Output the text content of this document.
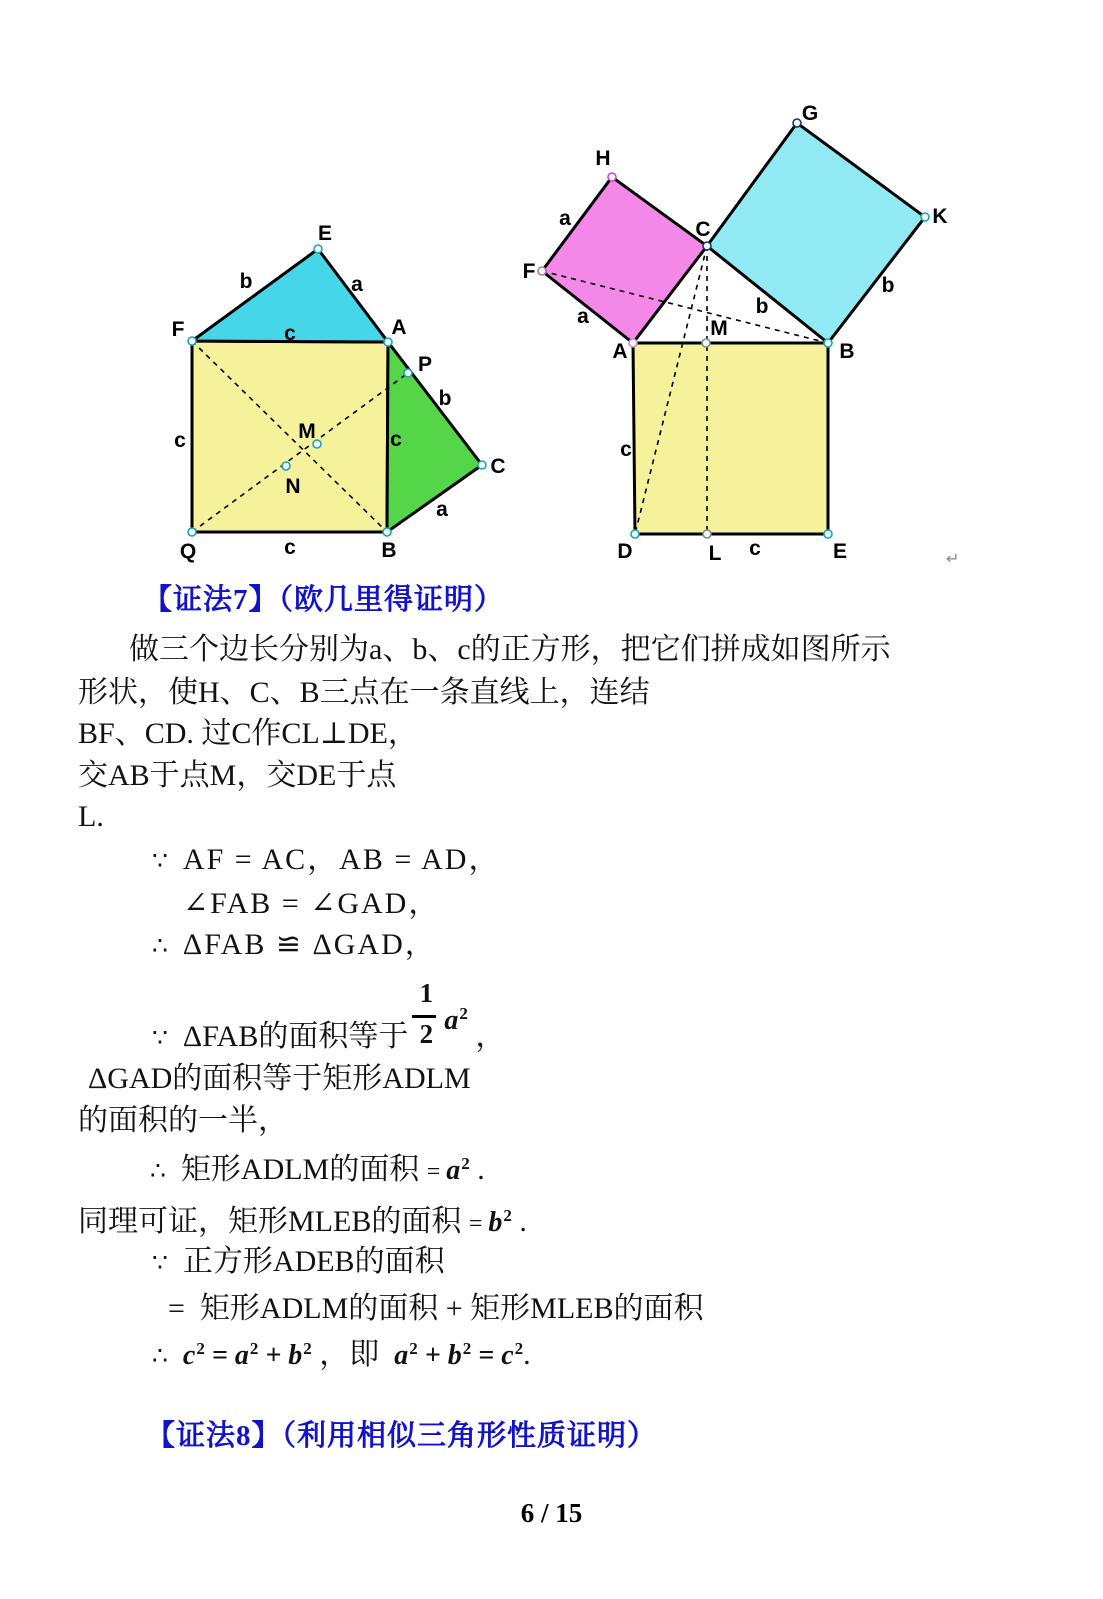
E
b	a
F	c	A
P
b
c	M	c
C
N
a
Q	c	B
G
H
K
C
F
a
a
b
b
M
A	B
c
c
D	L	E
【证法7】（欧几里得证明）
做三个边长分别为a、b、c的正方形，把它们拼成如图所示
形状，使H、C、B三点在一条直线上，连结
BF、CD. 过C作CL⊥DE，
交AB于点M，交DE于点
L.
∵ AF = AC，AB = AD，
∠FAB = ∠GAD，
∴ ΔFAB ≌ ΔGAD，
∵ ΔFAB的面积等于 $\frac{1}{2}$
$a^2$ ，
ΔGAD的面积等于矩形ADLM
的面积的一半，
∴ 矩形ADLM的面积 = $a^2$ .
同理可证，矩形MLEB的面积 = $b^2$ .
∵ 正方形ADEB的面积
=  矩形ADLM的面积 + 矩形MLEB的面积
∴ $c^2 = a^2 + b^2$ ，即  $a^2 + b^2 = c^2$.
【证法8】（利用相似三角形性质证明）
6 / 15
↵
